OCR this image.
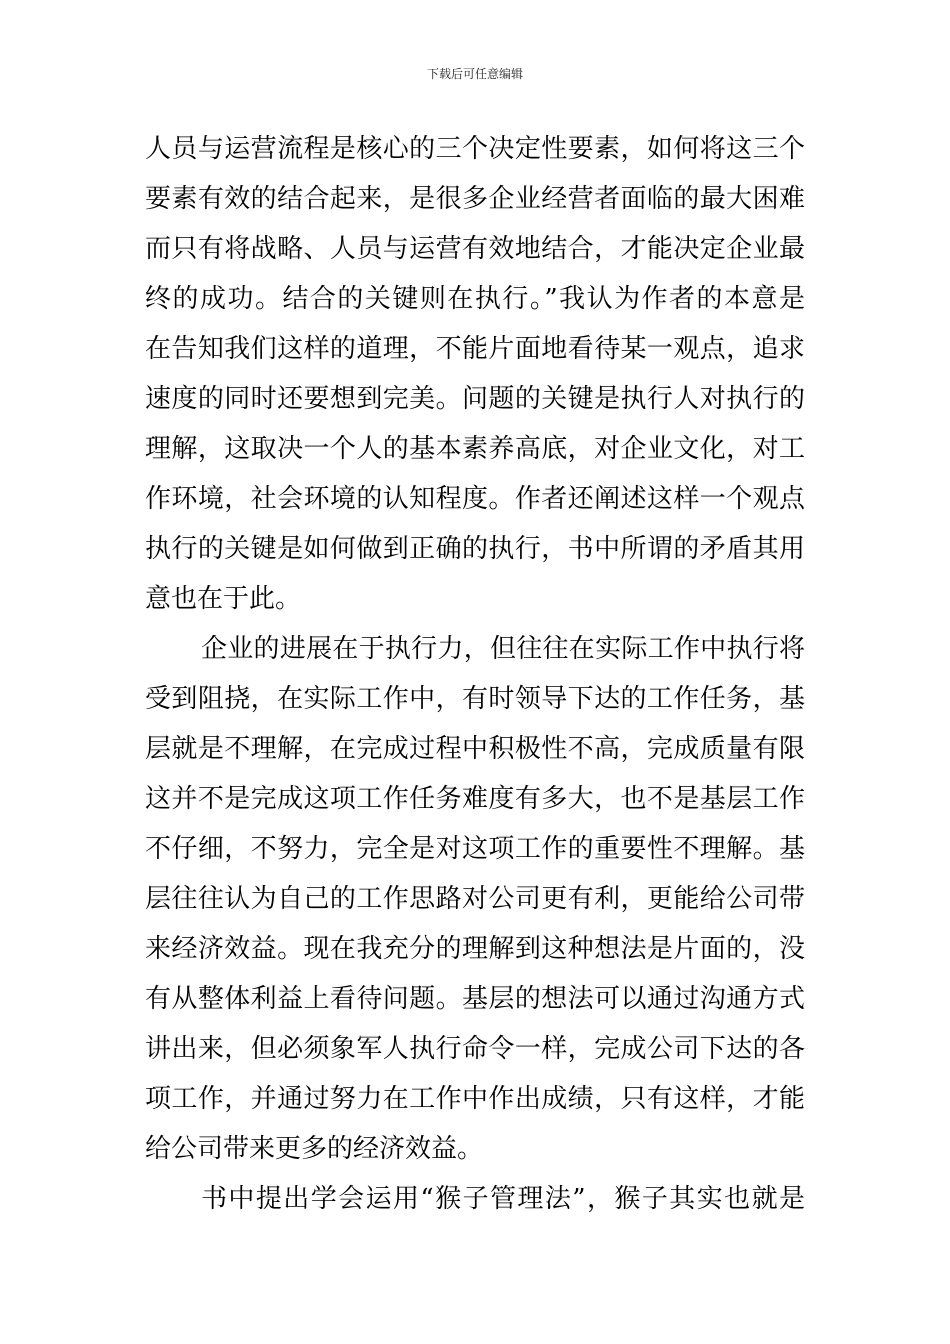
下载后可任意编辑
人员与运营流程是核心的三个决定性要素，如何将这三个
要素有效的结合起来，是很多企业经营者面临的最大困难
而只有将战略、人员与运营有效地结合，才能决定企业最
终的成功。结合的关键则在执行。”我认为作者的本意是
在告知我们这样的道理，不能片面地看待某一观点，追求
速度的同时还要想到完美。问题的关键是执行人对执行的
理解，这取决一个人的基本素养高底，对企业文化，对工
作环境，社会环境的认知程度。作者还阐述这样一个观点
执行的关键是如何做到正确的执行，书中所谓的矛盾其用
意也在于此。
企业的进展在于执行力，但往往在实际工作中执行将
受到阻挠，在实际工作中，有时领导下达的工作任务，基
层就是不理解，在完成过程中积极性不高，完成质量有限
这并不是完成这项工作任务难度有多大，也不是基层工作
不仔细，不努力，完全是对这项工作的重要性不理解。基
层往往认为自己的工作思路对公司更有利，更能给公司带
来经济效益。现在我充分的理解到这种想法是片面的，没
有从整体利益上看待问题。基层的想法可以通过沟通方式
讲出来，但必须象军人执行命令一样，完成公司下达的各
项工作，并通过努力在工作中作出成绩，只有这样，才能
给公司带来更多的经济效益。
书中提出学会运用“猴子管理法”，猴子其实也就是
